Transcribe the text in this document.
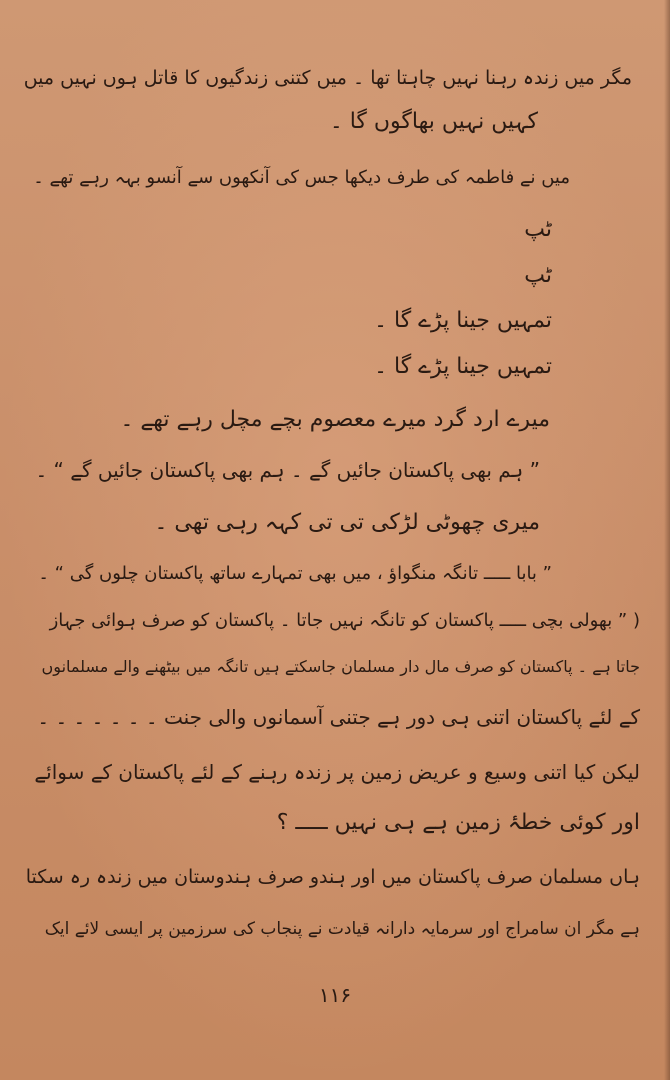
مگر میں زندہ رہنا نہیں چاہتا تھا ۔ میں کتنی زندگیوں کا قاتل ہوں نہیں میں
کہیں نہیں بھاگوں گا ۔
میں نے فاطمہ کی طرف دیکھا جس کی آنکھوں سے آنسو بہہ رہے تھے ۔
ٹپ
ٹپ
تمہیں جینا پڑے گا ۔
تمہیں جینا پڑے گا ۔
میرے ارد گرد میرے معصوم بچے مچل رہے تھے ۔
” ہم بھی پاکستان جائیں گے ۔ ہم بھی پاکستان جائیں گے “ ۔
میری چھوٹی لڑکی تی تی کہہ رہی تھی ۔
” بابا ـــــ تانگہ منگواؤ ، میں بھی تمہارے ساتھ پاکستان چلوں گی “ ۔
( ” بھولی بچی ـــــ پاکستان کو تانگہ نہیں جاتا ۔ پاکستان کو صرف ہوائی جہاز
جاتا ہے ۔ پاکستان کو صرف مال دار مسلمان جاسکتے ہیں تانگہ میں بیٹھنے والے مسلمانوں
کے لئے پاکستان اتنی ہی دور ہے جتنی آسمانوں والی جنت ۔ ۔ ۔ ۔ ۔ ۔ ۔
لیکن کیا اتنی وسیع و عریض زمین پر زندہ رہنے کے لئے پاکستان کے سوائے
اور کوئی خطۂ زمین ہے ہی نہیں ـــــ ؟
ہاں مسلمان صرف پاکستان میں اور ہندو صرف ہندوستان میں زندہ رہ سکتا
ہے مگر ان سامراج اور سرمایہ دارانہ قیادت نے پنجاب کی سرزمین پر ایسی لائے ایک
۱۱۶
